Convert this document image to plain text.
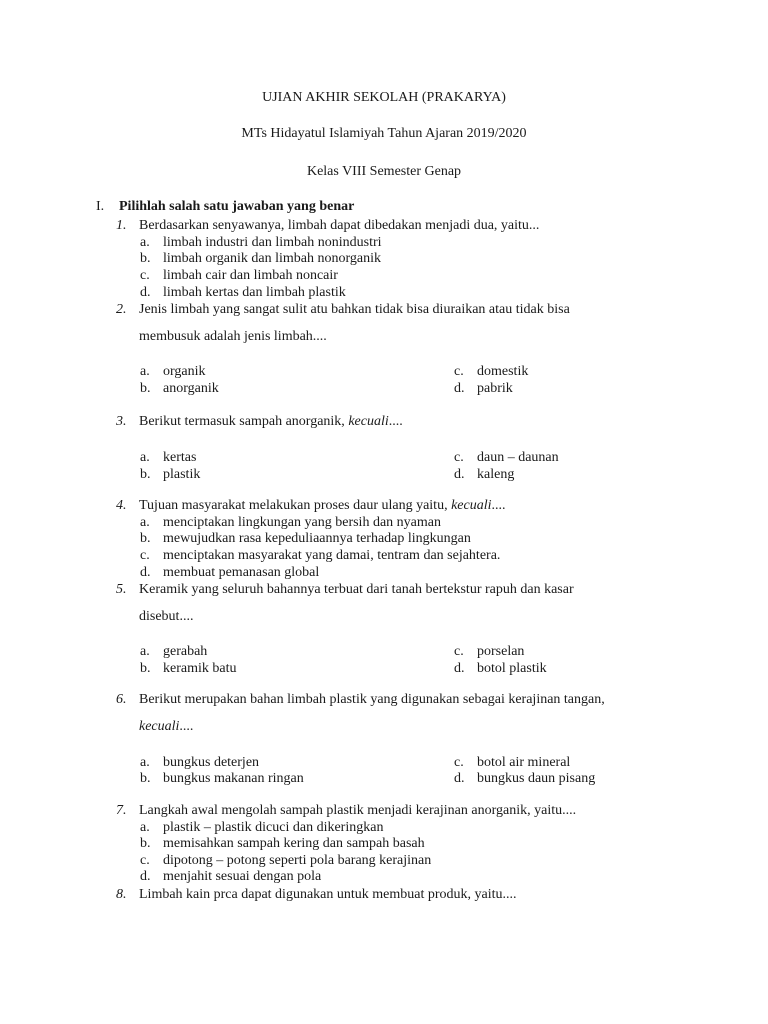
UJIAN AKHIR SEKOLAH (PRAKARYA)
MTs Hidayatul Islamiyah Tahun Ajaran 2019/2020
Kelas VIII Semester Genap
I. Pilihlah salah satu jawaban yang benar
1. Berdasarkan senyawanya, limbah dapat dibedakan menjadi dua, yaitu...
a. limbah industri dan limbah nonindustri
b. limbah organik dan limbah nonorganik
c. limbah cair dan limbah noncair
d. limbah kertas dan limbah plastik
2. Jenis limbah yang sangat sulit atu bahkan tidak bisa diuraikan atau tidak bisa
membusuk adalah jenis limbah....
a. organik
b. anorganik
c. domestik
d. pabrik
3. Berikut termasuk sampah anorganik, kecuali....
a. kertas
b. plastik
c. daun – daunan
d. kaleng
4. Tujuan masyarakat melakukan proses daur ulang yaitu, kecuali....
a. menciptakan lingkungan yang bersih dan nyaman
b. mewujudkan rasa kepeduliaannya terhadap lingkungan
c. menciptakan masyarakat yang damai, tentram dan sejahtera.
d. membuat pemanasan global
5. Keramik yang seluruh bahannya terbuat dari tanah bertekstur rapuh dan kasar
disebut....
a. gerabah
b. keramik batu
c. porselan
d. botol plastik
6. Berikut merupakan bahan limbah plastik yang digunakan sebagai kerajinan tangan,
kecuali....
a. bungkus deterjen
b. bungkus makanan ringan
c. botol air mineral
d. bungkus daun pisang
7. Langkah awal mengolah sampah plastik menjadi kerajinan anorganik, yaitu....
a. plastik – plastik dicuci dan dikeringkan
b. memisahkan sampah kering dan sampah basah
c. dipotong – potong seperti pola barang kerajinan
d. menjahit sesuai dengan pola
8. Limbah kain prca dapat digunakan untuk membuat produk, yaitu....
